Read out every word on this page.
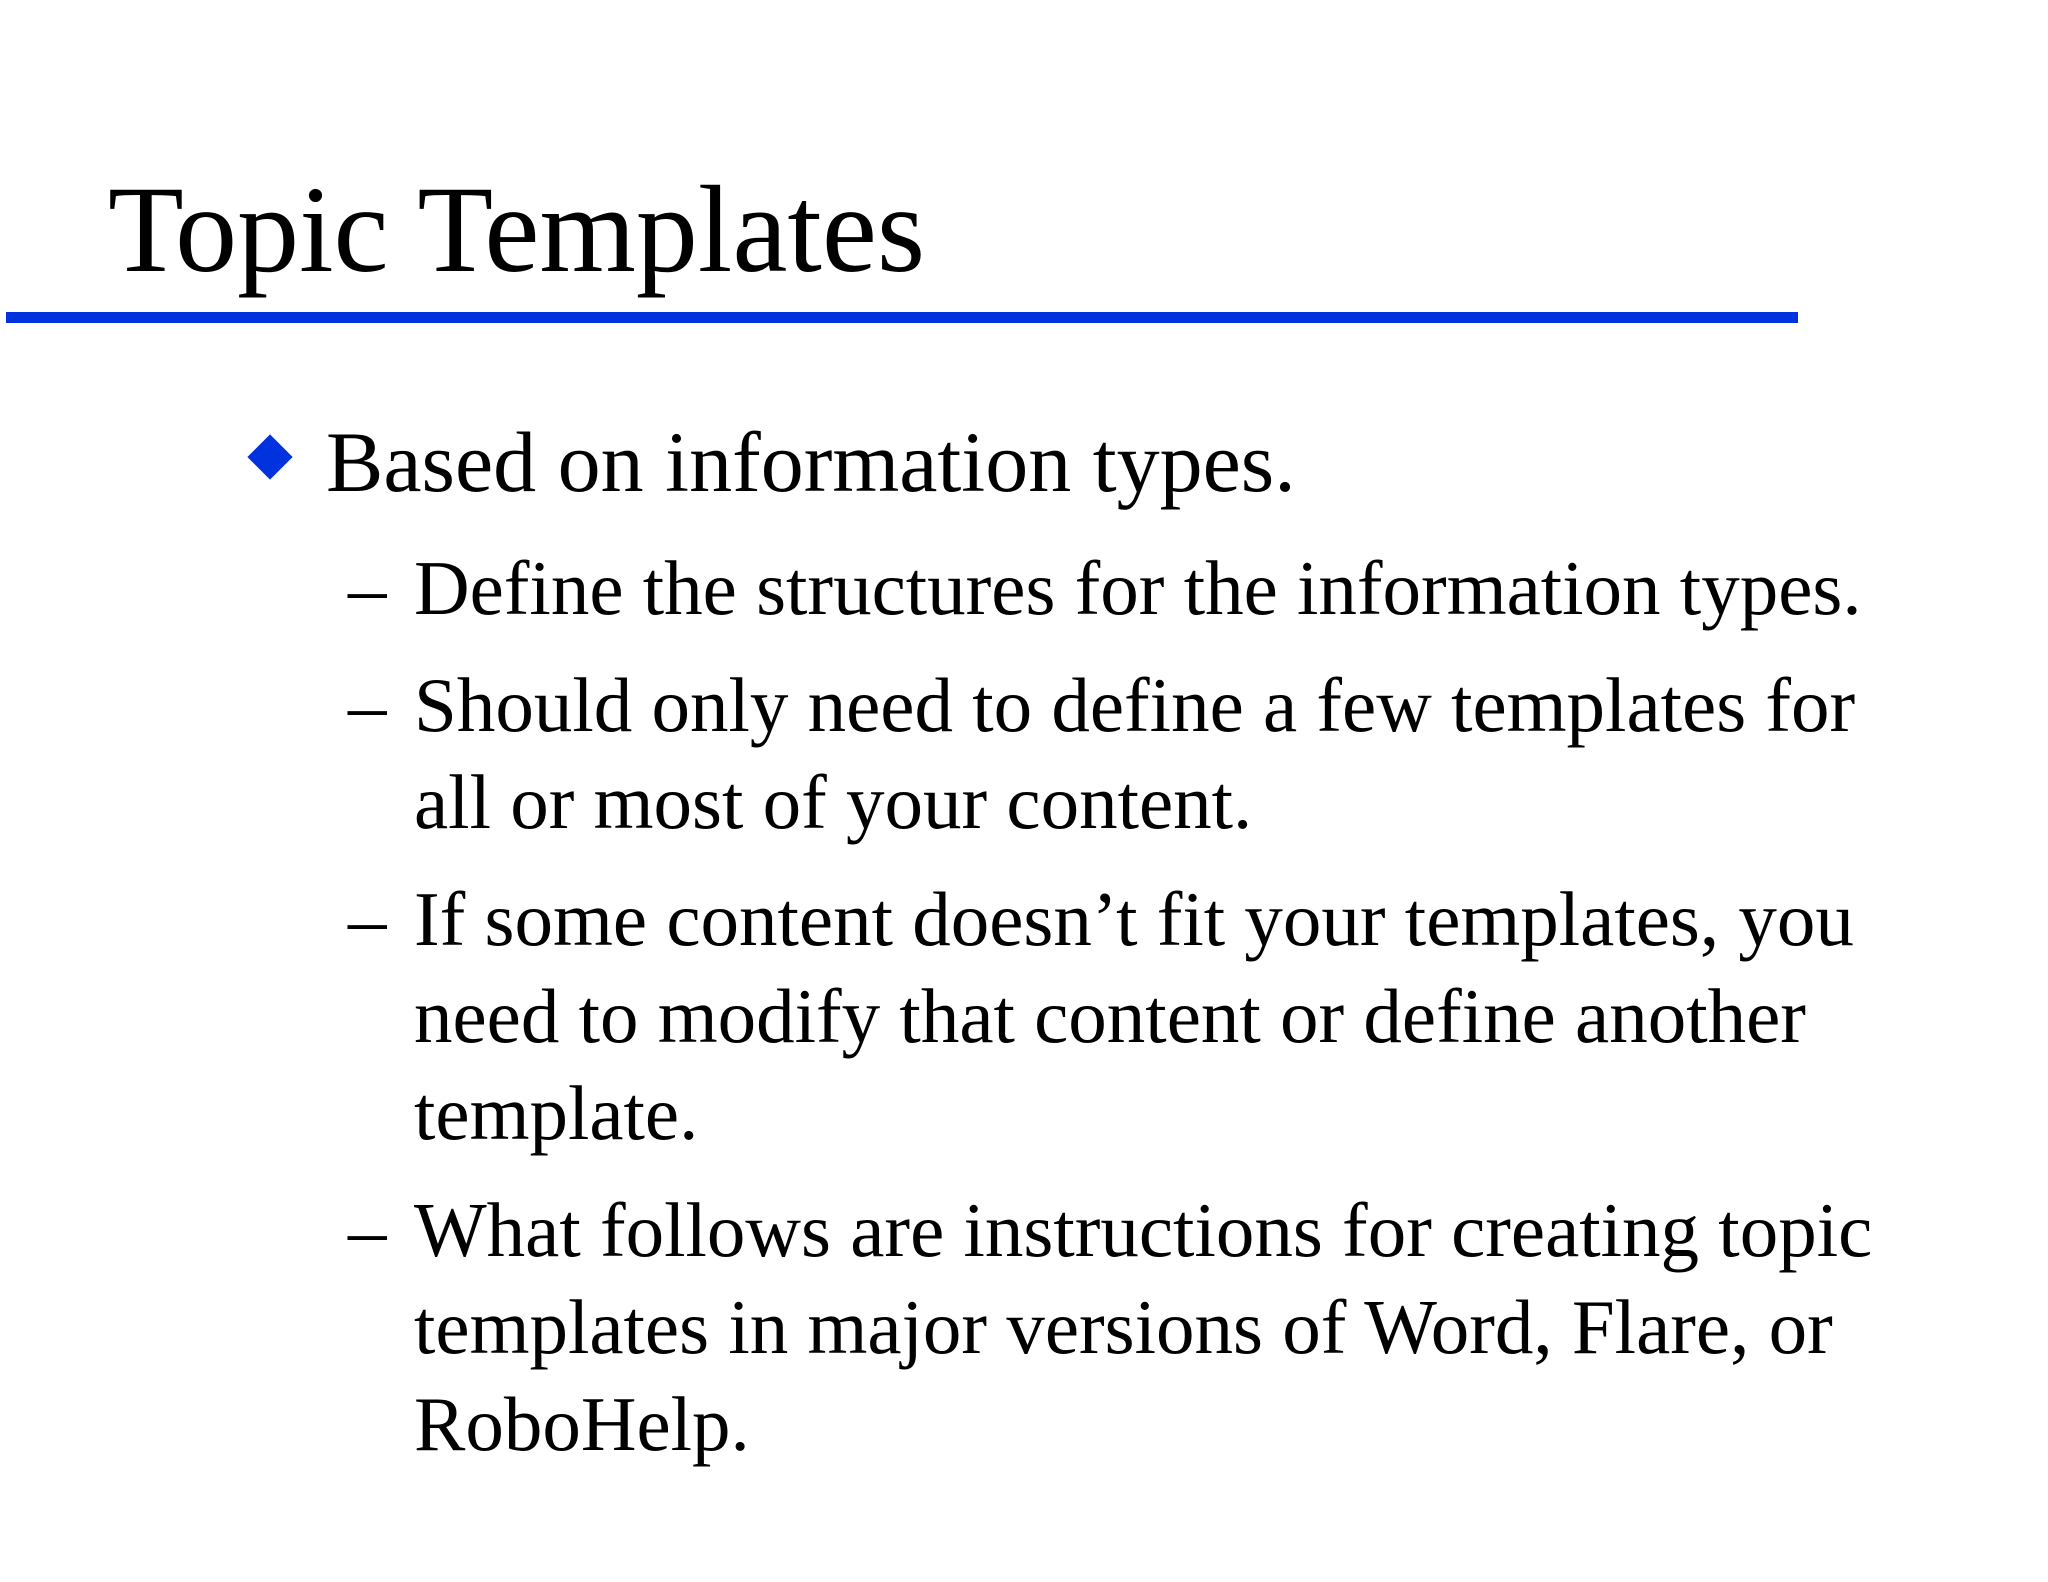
Topic Templates
Based on information types.
– Define the structures for the information types.
– Should only need to define a few templates for all or most of your content.
– If some content doesn’t fit your templates, you need to modify that content or define another template.
– What follows are instructions for creating topic templates in major versions of Word, Flare, or RoboHelp.
